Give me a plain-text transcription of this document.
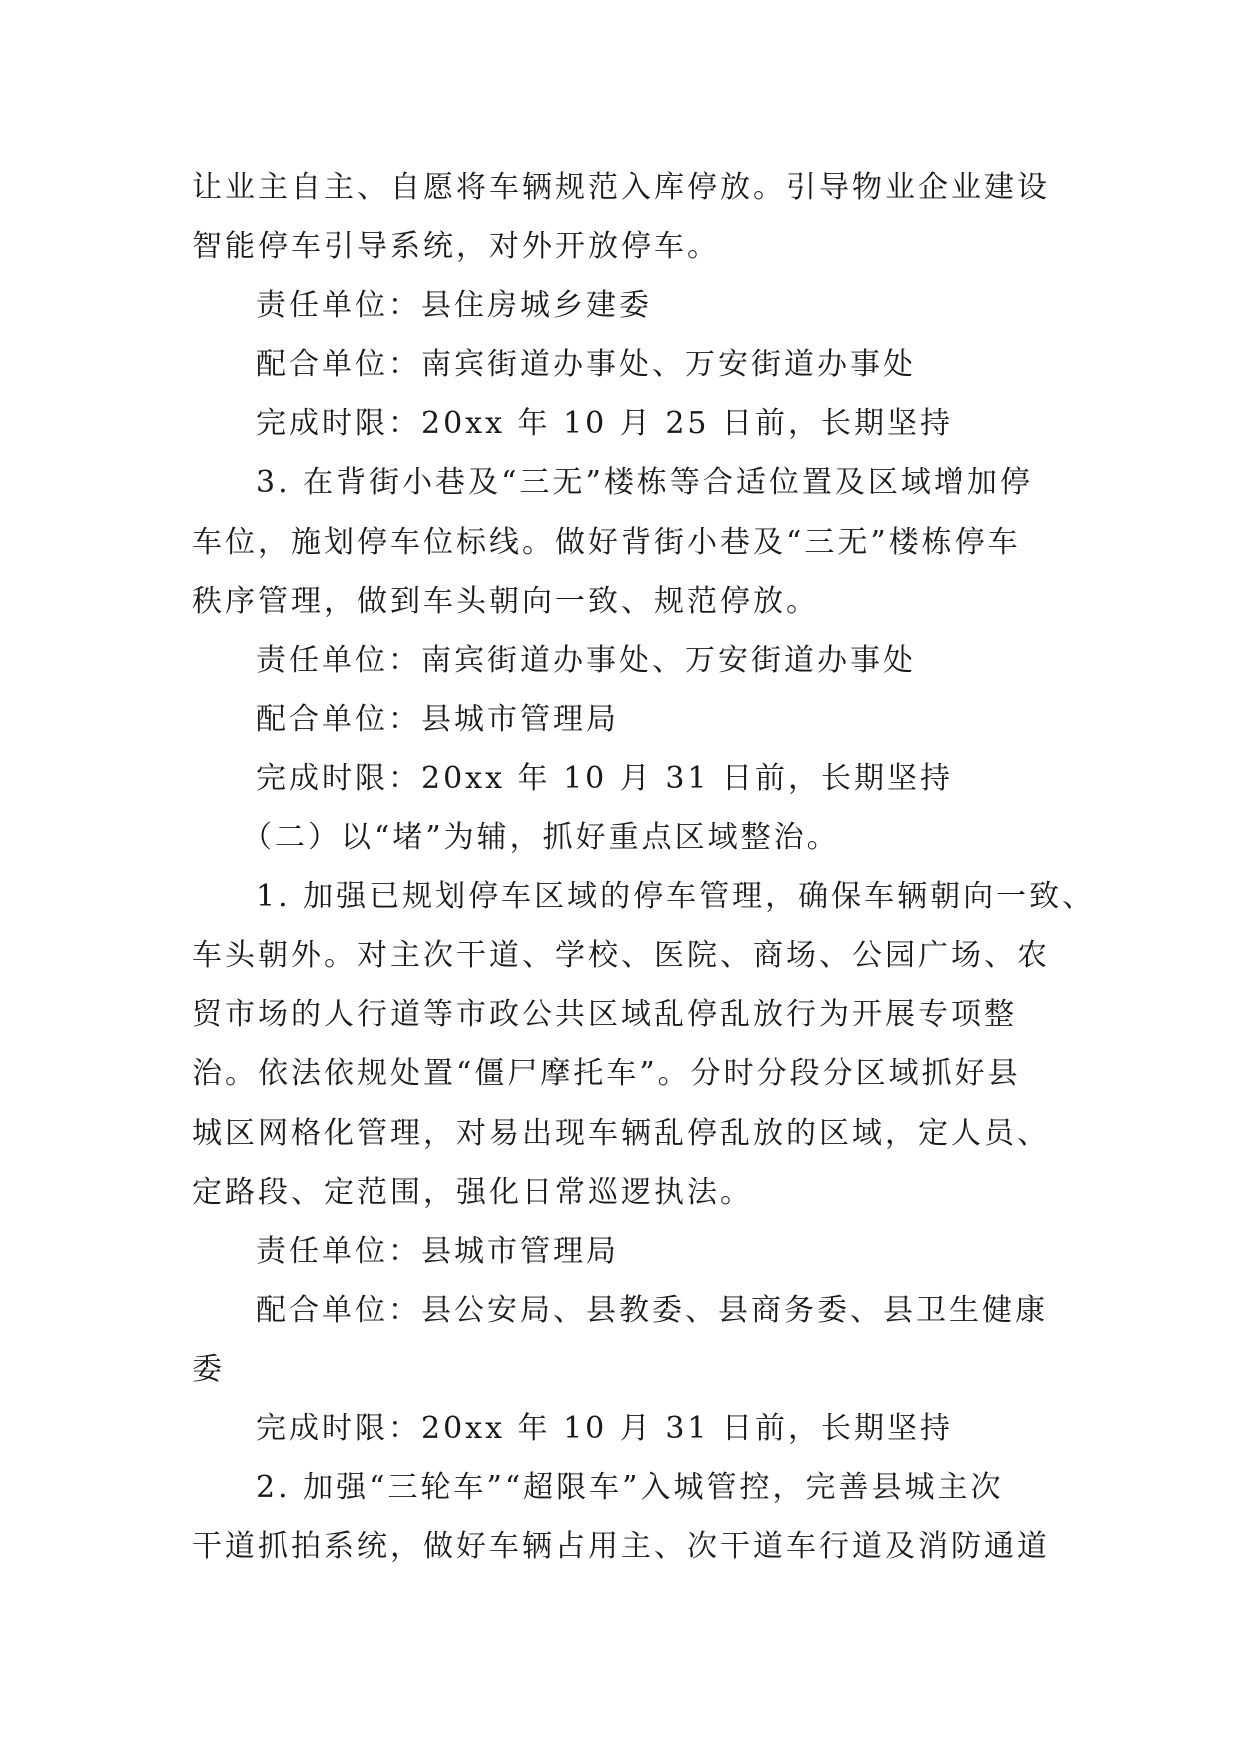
让业主自主、自愿将车辆规范入库停放。引导物业企业建设
智能停车引导系统，对外开放停车。
责任单位：县住房城乡建委
配合单位：南宾街道办事处、万安街道办事处
完成时限：20xx 年 10 月 25 日前，长期坚持
3. 在背街小巷及“三无”楼栋等合适位置及区域增加停
车位，施划停车位标线。做好背街小巷及“三无”楼栋停车
秩序管理，做到车头朝向一致、规范停放。
责任单位：南宾街道办事处、万安街道办事处
配合单位：县城市管理局
完成时限：20xx 年 10 月 31 日前，长期坚持
（二）以“堵”为辅，抓好重点区域整治。
1. 加强已规划停车区域的停车管理，确保车辆朝向一致、
车头朝外。对主次干道、学校、医院、商场、公园广场、农
贸市场的人行道等市政公共区域乱停乱放行为开展专项整
治。依法依规处置“僵尸摩托车”。分时分段分区域抓好县
城区网格化管理，对易出现车辆乱停乱放的区域，定人员、
定路段、定范围，强化日常巡逻执法。
责任单位：县城市管理局
配合单位：县公安局、县教委、县商务委、县卫生健康
委
完成时限：20xx 年 10 月 31 日前，长期坚持
2. 加强“三轮车”“超限车”入城管控，完善县城主次
干道抓拍系统，做好车辆占用主、次干道车行道及消防通道
